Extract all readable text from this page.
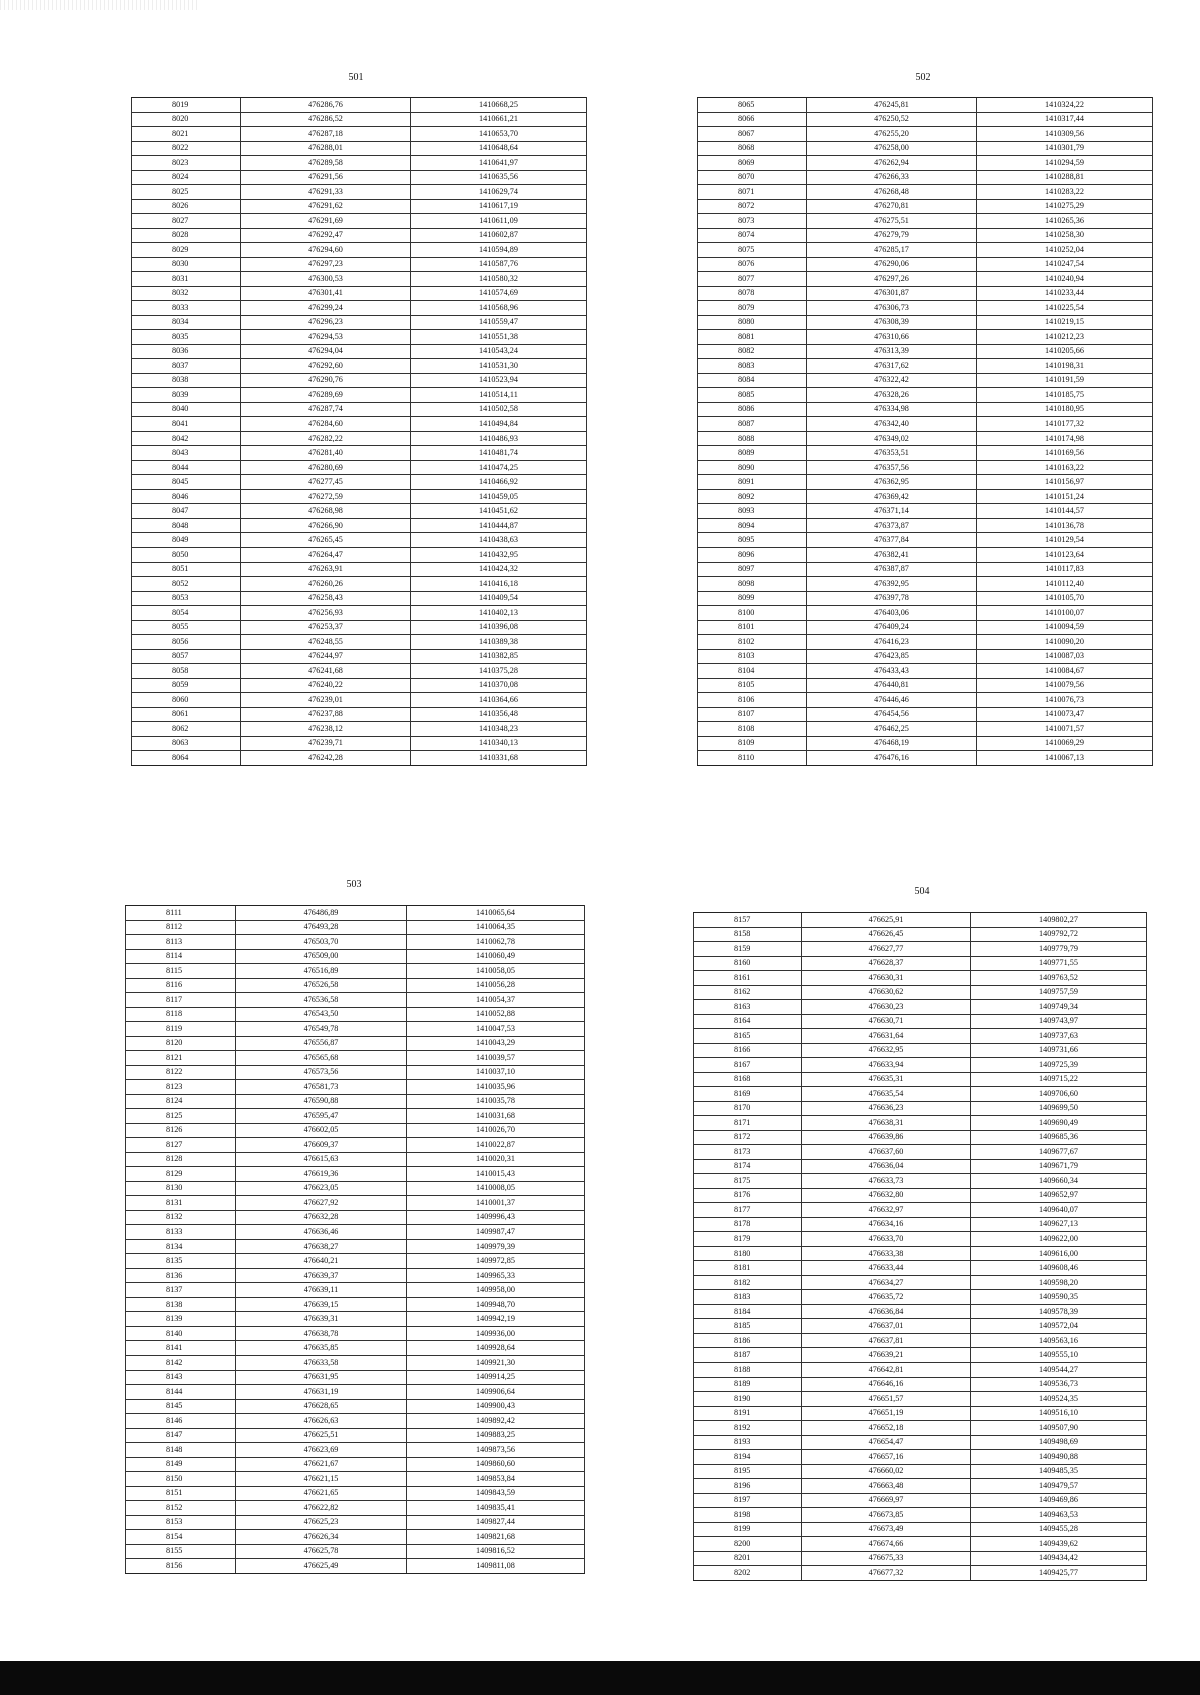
501
8019	476286,76	1410668,25
8020	476286,52	1410661,21
8021	476287,18	1410653,70
8022	476288,01	1410648,64
8023	476289,58	1410641,97
8024	476291,56	1410635,56
8025	476291,33	1410629,74
8026	476291,62	1410617,19
8027	476291,69	1410611,09
8028	476292,47	1410602,87
8029	476294,60	1410594,89
8030	476297,23	1410587,76
8031	476300,53	1410580,32
8032	476301,41	1410574,69
8033	476299,24	1410568,96
8034	476296,23	1410559,47
8035	476294,53	1410551,38
8036	476294,04	1410543,24
8037	476292,60	1410531,30
8038	476290,76	1410523,94
8039	476289,69	1410514,11
8040	476287,74	1410502,58
8041	476284,60	1410494,84
8042	476282,22	1410486,93
8043	476281,40	1410481,74
8044	476280,69	1410474,25
8045	476277,45	1410466,92
8046	476272,59	1410459,05
8047	476268,98	1410451,62
8048	476266,90	1410444,87
8049	476265,45	1410438,63
8050	476264,47	1410432,95
8051	476263,91	1410424,32
8052	476260,26	1410416,18
8053	476258,43	1410409,54
8054	476256,93	1410402,13
8055	476253,37	1410396,08
8056	476248,55	1410389,38
8057	476244,97	1410382,85
8058	476241,68	1410375,28
8059	476240,22	1410370,08
8060	476239,01	1410364,66
8061	476237,88	1410356,48
8062	476238,12	1410348,23
8063	476239,71	1410340,13
8064	476242,28	1410331,68
502
8065	476245,81	1410324,22
8066	476250,52	1410317,44
8067	476255,20	1410309,56
8068	476258,00	1410301,79
8069	476262,94	1410294,59
8070	476266,33	1410288,81
8071	476268,48	1410283,22
8072	476270,81	1410275,29
8073	476275,51	1410265,36
8074	476279,79	1410258,30
8075	476285,17	1410252,04
8076	476290,06	1410247,54
8077	476297,26	1410240,94
8078	476301,87	1410233,44
8079	476306,73	1410225,54
8080	476308,39	1410219,15
8081	476310,66	1410212,23
8082	476313,39	1410205,66
8083	476317,62	1410198,31
8084	476322,42	1410191,59
8085	476328,26	1410185,75
8086	476334,98	1410180,95
8087	476342,40	1410177,32
8088	476349,02	1410174,98
8089	476353,51	1410169,56
8090	476357,56	1410163,22
8091	476362,95	1410156,97
8092	476369,42	1410151,24
8093	476371,14	1410144,57
8094	476373,87	1410136,78
8095	476377,84	1410129,54
8096	476382,41	1410123,64
8097	476387,87	1410117,83
8098	476392,95	1410112,40
8099	476397,78	1410105,70
8100	476403,06	1410100,07
8101	476409,24	1410094,59
8102	476416,23	1410090,20
8103	476423,85	1410087,03
8104	476433,43	1410084,67
8105	476440,81	1410079,56
8106	476446,46	1410076,73
8107	476454,56	1410073,47
8108	476462,25	1410071,57
8109	476468,19	1410069,29
8110	476476,16	1410067,13
503
8111	476486,89	1410065,64
8112	476493,28	1410064,35
8113	476503,70	1410062,78
8114	476509,00	1410060,49
8115	476516,89	1410058,05
8116	476526,58	1410056,28
8117	476536,58	1410054,37
8118	476543,50	1410052,88
8119	476549,78	1410047,53
8120	476556,87	1410043,29
8121	476565,68	1410039,57
8122	476573,56	1410037,10
8123	476581,73	1410035,96
8124	476590,88	1410035,78
8125	476595,47	1410031,68
8126	476602,05	1410026,70
8127	476609,37	1410022,87
8128	476615,63	1410020,31
8129	476619,36	1410015,43
8130	476623,05	1410008,05
8131	476627,92	1410001,37
8132	476632,28	1409996,43
8133	476636,46	1409987,47
8134	476638,27	1409979,39
8135	476640,21	1409972,85
8136	476639,37	1409965,33
8137	476639,11	1409958,00
8138	476639,15	1409948,70
8139	476639,31	1409942,19
8140	476638,78	1409936,00
8141	476635,85	1409928,64
8142	476633,58	1409921,30
8143	476631,95	1409914,25
8144	476631,19	1409906,64
8145	476628,65	1409900,43
8146	476626,63	1409892,42
8147	476625,51	1409883,25
8148	476623,69	1409873,56
8149	476621,67	1409860,60
8150	476621,15	1409853,84
8151	476621,65	1409843,59
8152	476622,82	1409835,41
8153	476625,23	1409827,44
8154	476626,34	1409821,68
8155	476625,78	1409816,52
8156	476625,49	1409811,08
504
8157	476625,91	1409802,27
8158	476626,45	1409792,72
8159	476627,77	1409779,79
8160	476628,37	1409771,55
8161	476630,31	1409763,52
8162	476630,62	1409757,59
8163	476630,23	1409749,34
8164	476630,71	1409743,97
8165	476631,64	1409737,63
8166	476632,95	1409731,66
8167	476633,94	1409725,39
8168	476635,31	1409715,22
8169	476635,54	1409706,60
8170	476636,23	1409699,50
8171	476638,31	1409690,49
8172	476639,86	1409685,36
8173	476637,60	1409677,67
8174	476636,04	1409671,79
8175	476633,73	1409660,34
8176	476632,80	1409652,97
8177	476632,97	1409640,07
8178	476634,16	1409627,13
8179	476633,70	1409622,00
8180	476633,38	1409616,00
8181	476633,44	1409608,46
8182	476634,27	1409598,20
8183	476635,72	1409590,35
8184	476636,84	1409578,39
8185	476637,01	1409572,04
8186	476637,81	1409563,16
8187	476639,21	1409555,10
8188	476642,81	1409544,27
8189	476646,16	1409536,73
8190	476651,57	1409524,35
8191	476651,19	1409516,10
8192	476652,18	1409507,90
8193	476654,47	1409498,69
8194	476657,16	1409490,88
8195	476660,02	1409485,35
8196	476663,48	1409479,57
8197	476669,97	1409469,86
8198	476673,85	1409463,53
8199	476673,49	1409455,28
8200	476674,66	1409439,62
8201	476675,33	1409434,42
8202	476677,32	1409425,77
